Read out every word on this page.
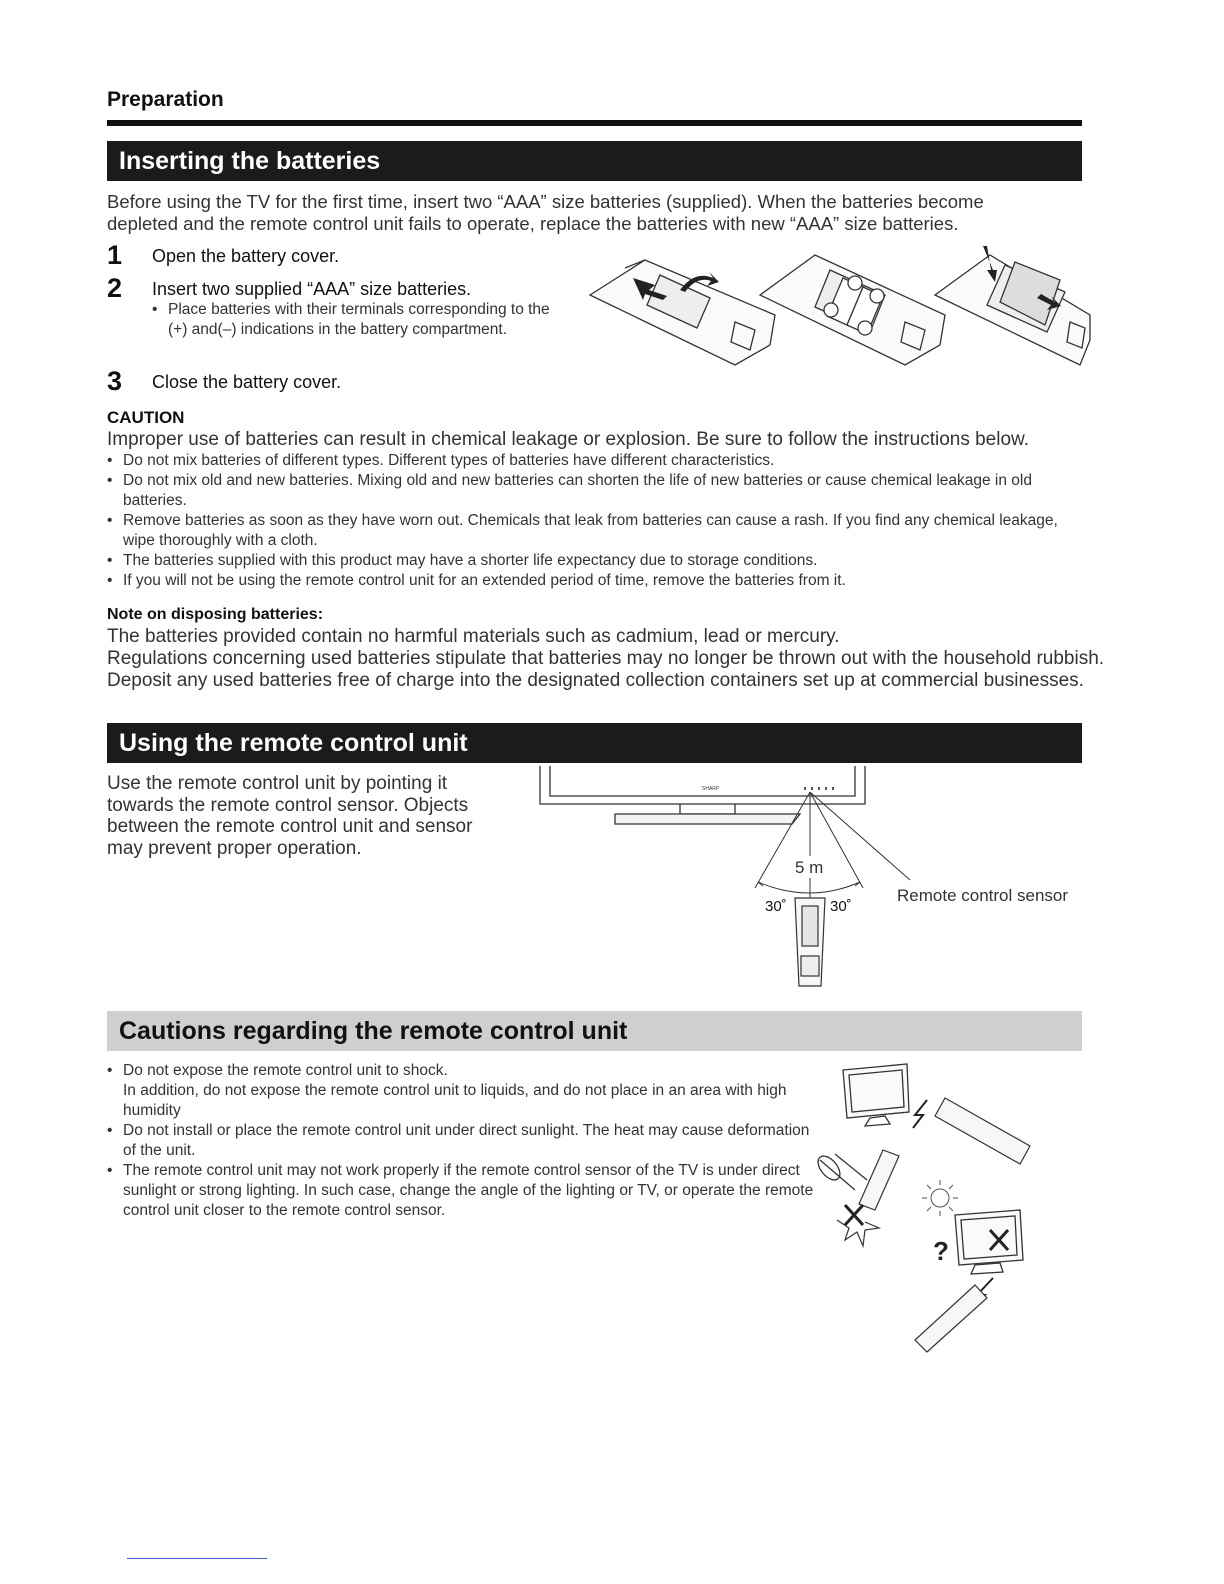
Preparation
Inserting the batteries
Before using the TV for the first time, insert two “AAA” size batteries (supplied). When the batteries become depleted and the remote control unit fails to operate, replace the batteries with new “AAA” size batteries.
1 Open the battery cover.
2 Insert two supplied “AAA” size batteries.
• Place batteries with their terminals corresponding to the (+) and(–) indications in the battery compartment.
3 Close the battery cover.
CAUTION
Improper use of batteries can result in chemical leakage or explosion. Be sure to follow the instructions below.
• Do not mix batteries of different types. Different types of batteries have different characteristics.
• Do not mix old and new batteries. Mixing old and new batteries can shorten the life of new batteries or cause chemical leakage in old batteries.
• Remove batteries as soon as they have worn out. Chemicals that leak from batteries can cause a rash. If you find any chemical leakage, wipe thoroughly with a cloth.
• The batteries supplied with this product may have a shorter life expectancy due to storage conditions.
• If you will not be using the remote control unit for an extended period of time, remove the batteries from it.
Note on disposing batteries:
The batteries provided contain no harmful materials such as cadmium, lead or mercury.
Regulations concerning used batteries stipulate that batteries may no longer be thrown out with the household rubbish. Deposit any used batteries free of charge into the designated collection containers set up at commercial businesses.
Using the remote control unit
Use the remote control unit by pointing it towards the remote control sensor. Objects between the remote control unit and sensor may prevent proper operation.
SHARP
5 m
30˚	30˚
Remote control sensor
Cautions regarding the remote control unit
• Do not expose the remote control unit to shock.
In addition, do not expose the remote control unit to liquids, and do not place in an area with high humidity
• Do not install or place the remote control unit under direct sunlight. The heat may cause deformation of the unit.
• The remote control unit may not work properly if the remote control sensor of the TV is under direct sunlight or strong lighting. In such case, change the angle of the lighting or TV, or operate the remote control unit closer to the remote control sensor.
?
